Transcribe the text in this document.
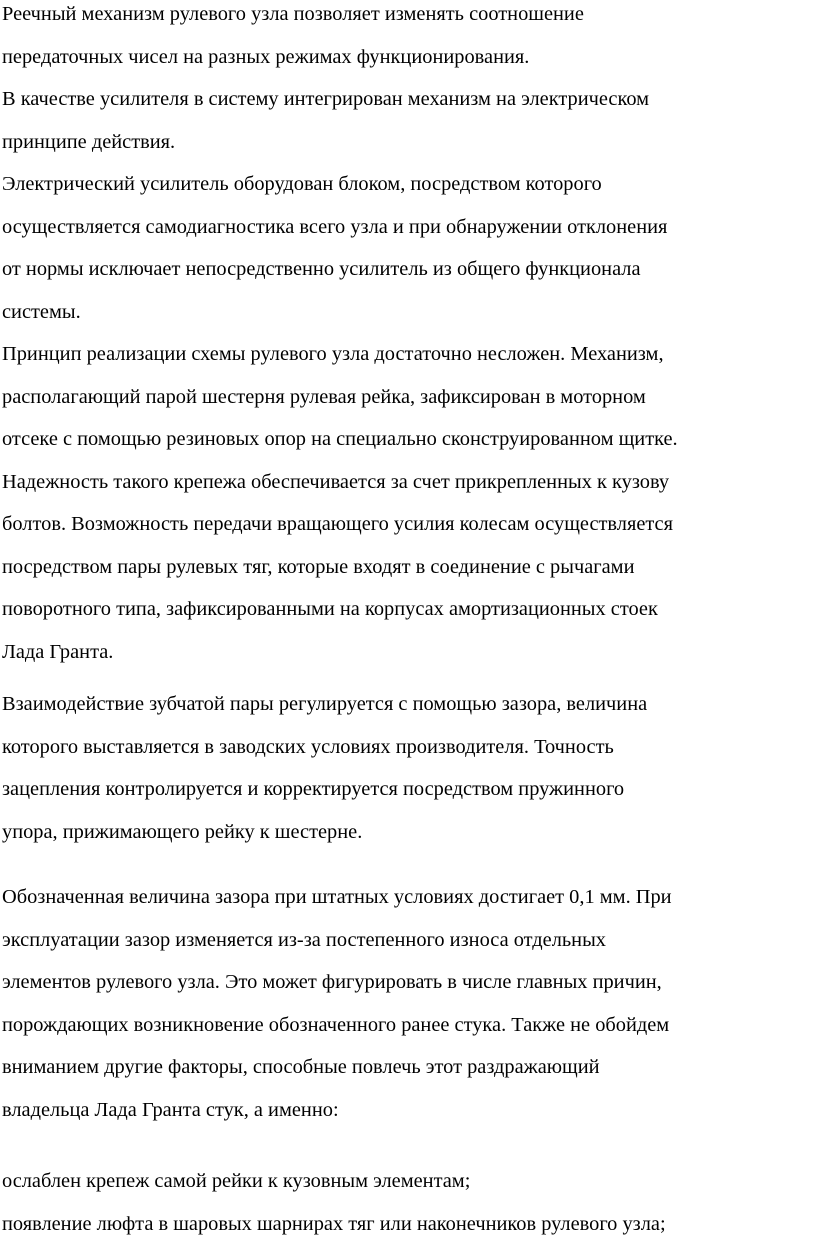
Реечный механизм рулевого узла позволяет изменять соотношение
передаточных чисел на разных режимах функционирования.
В качестве усилителя в систему интегрирован механизм на электрическом
принципе действия.
Электрический усилитель оборудован блоком, посредством которого
осуществляется самодиагностика всего узла и при обнаружении отклонения
от нормы исключает непосредственно усилитель из общего функционала
системы.
Принцип реализации схемы рулевого узла достаточно несложен. Механизм,
располагающий парой шестерня рулевая рейка, зафиксирован в моторном
отсеке с помощью резиновых опор на специально сконструированном щитке.
Надежность такого крепежа обеспечивается за счет прикрепленных к кузову
болтов. Возможность передачи вращающего усилия колесам осуществляется
посредством пары рулевых тяг, которые входят в соединение с рычагами
поворотного типа, зафиксированными на корпусах амортизационных стоек
Лада Гранта.

Взаимодействие зубчатой пары регулируется с помощью зазора, величина
которого выставляется в заводских условиях производителя. Точность
зацепления контролируется и корректируется посредством пружинного
упора, прижимающего рейку к шестерне.

Обозначенная величина зазора при штатных условиях достигает 0,1 мм. При
эксплуатации зазор изменяется из-за постепенного износа отдельных
элементов рулевого узла. Это может фигурировать в числе главных причин,
порождающих возникновение обозначенного ранее стука. Также не обойдем
вниманием другие факторы, способные повлечь этот раздражающий
владельца Лада Гранта стук, а именно:

ослаблен крепеж самой рейки к кузовным элементам;
появление люфта в шаровых шарнирах тяг или наконечников рулевого узла;
